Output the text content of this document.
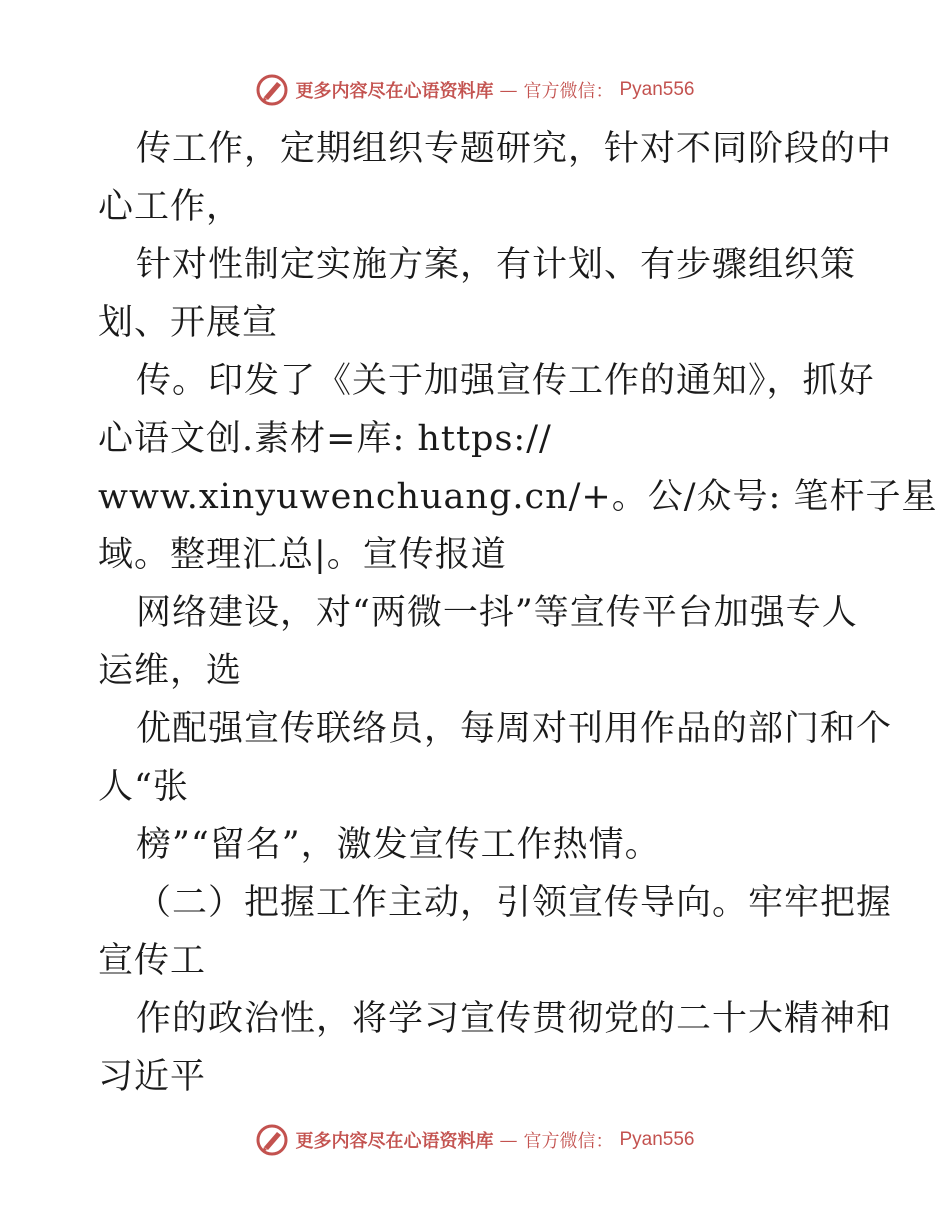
更多内容尽在心语资料库 — 官方微信： Pyan556
传工作，定期组织专题研究，针对不同阶段的中
心工作，
针对性制定实施方案，有计划、有步骤组织策
划、开展宣
传。印发了《关于加强宣传工作的通知》，抓好
心语文创.素材=库: https://
www.xinyuwenchuang.cn/+。公/众号: 笔杆子星
域。整理汇总|。宣传报道
网络建设，对“两微一抖”等宣传平台加强专人
运维，选
优配强宣传联络员，每周对刊用作品的部门和个
人“张
榜”“留名”，激发宣传工作热情。
（二）把握工作主动，引领宣传导向。牢牢把握
宣传工
作的政治性，将学习宣传贯彻党的二十大精神和
习近平
更多内容尽在心语资料库 — 官方微信： Pyan556
